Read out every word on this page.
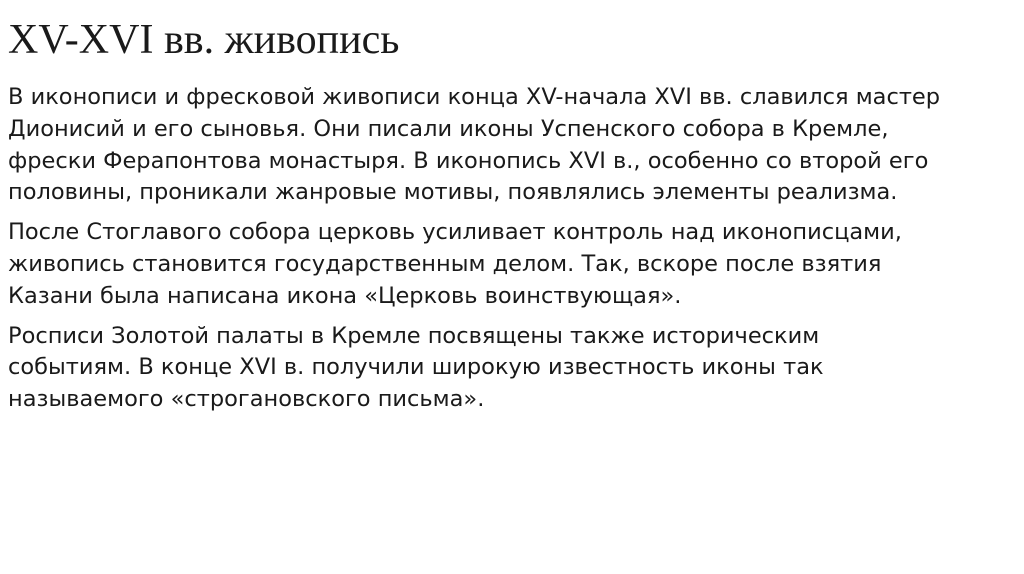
XV-XVI вв. живопись

В иконописи и фресковой живописи конца XV-начала XVI вв. славился мастер Дионисий и его сыновья. Они писали иконы Успенского собора в Кремле, фрески Ферапонтова монастыря. В иконопись XVI в., особенно со второй его половины, проникали жанровые мотивы, появлялись элементы реализма.

После Стоглавого собора церковь усиливает контроль над иконописцами, живопись становится государственным делом. Так, вскоре после взятия Казани была написана икона «Церковь воинствующая».

Росписи Золотой палаты в Кремле посвящены также историческим событиям. В конце XVI в. получили широкую известность иконы так называемого «строгановского письма».
